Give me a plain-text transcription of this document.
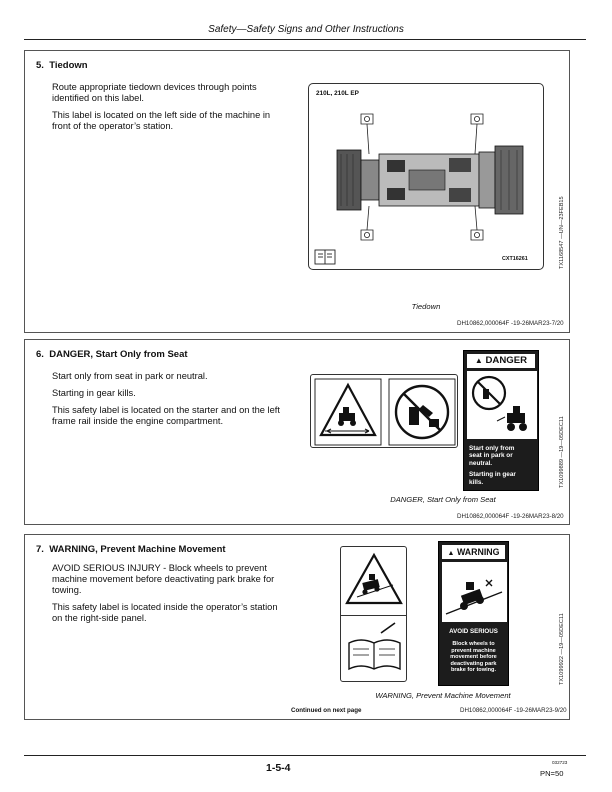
Safety—Safety Signs and Other Instructions
5. Tiedown

Route appropriate tiedown devices through points identified on this label.

This label is located on the left side of the machine in front of the operator’s station.

210L, 210L EP
CXT16261	TX1168547 —UN—23FEB15
Tiedown
DH10862,000064F -19-26MAR23-7/20
6. DANGER, Start Only from Seat

Start only from seat in park or neutral.

Starting in gear kills.

This safety label is located on the starter and on the left frame rail inside the engine compartment.

▲ DANGER
Start only from
seat in park or
neutral.
Starting in gear
kills.	TX1099889 —19—05DEC11
DANGER, Start Only from Seat
DH10862,000064F -19-26MAR23-8/20
7. WARNING, Prevent Machine Movement

AVOID SERIOUS INJURY - Block wheels to prevent machine movement before deactivating park brake for towing.

This safety label is located inside the operator’s station on the right-side panel.

▲ WARNING
AVOID SERIOUS
Block wheels to
prevent machine
movement before
deactivating park
brake for towing.	TX1099922 —19—05DEC11
WARNING, Prevent Machine Movement
Continued on next page	DH10862,000064F -19-26MAR23-9/20
1-5-4	032723
PN=50
